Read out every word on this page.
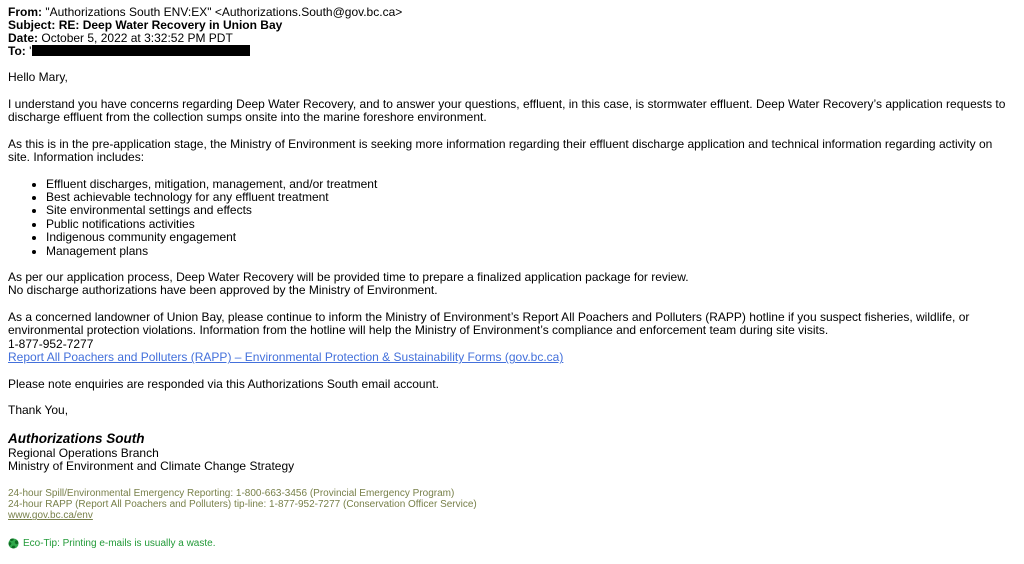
From: "Authorizations South ENV:EX" <Authorizations.South@gov.bc.ca>
Subject: RE: Deep Water Recovery in Union Bay
Date: October 5, 2022 at 3:32:52 PM PDT
To: '
Hello Mary,
I understand you have concerns regarding Deep Water Recovery, and to answer your questions, effluent, in this case, is stormwater effluent. Deep Water Recovery’s application requests to discharge effluent from the collection sumps onsite into the marine foreshore environment.
As this is in the pre-application stage, the Ministry of Environment is seeking more information regarding their effluent discharge application and technical information regarding activity on site. Information includes:
• Effluent discharges, mitigation, management, and/or treatment
• Best achievable technology for any effluent treatment
• Site environmental settings and effects
• Public notifications activities
• Indigenous community engagement
• Management plans
As per our application process, Deep Water Recovery will be provided time to prepare a finalized application package for review.
No discharge authorizations have been approved by the Ministry of Environment.
As a concerned landowner of Union Bay, please continue to inform the Ministry of Environment’s Report All Poachers and Polluters (RAPP) hotline if you suspect fisheries, wildlife, or environmental protection violations. Information from the hotline will help the Ministry of Environment’s compliance and enforcement team during site visits.
1-877-952-7277
Report All Poachers and Polluters (RAPP) – Environmental Protection & Sustainability Forms (gov.bc.ca)
Please note enquiries are responded via this Authorizations South email account.
Thank You,
Authorizations South
Regional Operations Branch
Ministry of Environment and Climate Change Strategy
24-hour Spill/Environmental Emergency Reporting: 1-800-663-3456 (Provincial Emergency Program)
24-hour RAPP (Report All Poachers and Polluters) tip-line: 1-877-952-7277 (Conservation Officer Service)
www.gov.bc.ca/env
Eco-Tip: Printing e-mails is usually a waste.
